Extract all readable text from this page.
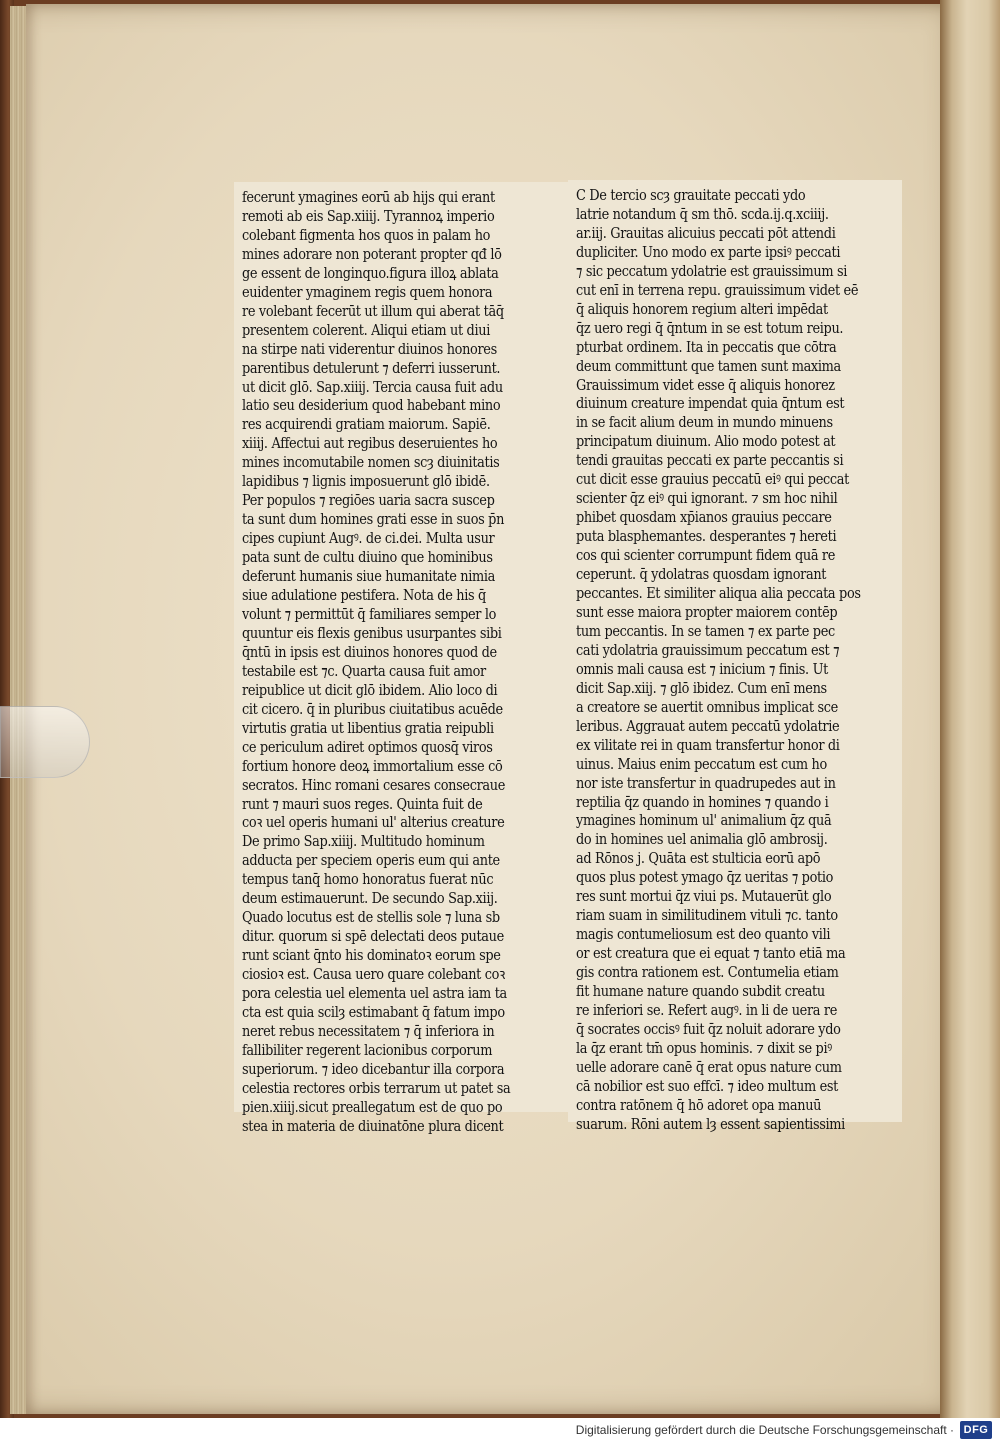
fecerunt ymagines eorū ab hijs qui erant
remoti ab eis Sap.xiiij. Tyrannoꝝ imperio
colebant figmenta hos quos in palam ho
mines adorare non poterant propter qđ lō
ge essent de longinquo.figura illoꝝ ablata
euidenter ymaginem regis quem honora
re volebant fecerūt ut illum qui aberat tāq̄
presentem colerent. Aliqui etiam ut diui
na stirpe nati viderentur diuinos honores
parentibus detulerunt ⁊ deferri iusserunt.
ut dicit glō. Sap.xiiij. Tercia causa fuit adu
latio seu desiderium quod habebant mino
res acquirendi gratiam maiorum. Sapiē.
xiiij. Affectui aut regibus deseruientes ho
mines incomutabile nomen scȝ diuinitatis
lapidibus ⁊ lignis imposuerunt glō ibidē.
Per populos ⁊ regiōes uaria sacra suscep
ta sunt dum homines grati esse in suos p̄n
cipes cupiunt Augꝰ. de ci.dei. Multa usur
pata sunt de cultu diuino que hominibus
deferunt humanis siue humanitate nimia
siue adulatione pestifera. Nota de his q̄
volunt ⁊ permittūt q̄ familiares semper lo
quuntur eis flexis genibus usurpantes sibi
q̄ntū in ipsis est diuinos honores quod de
testabile est ⁊c. Quarta causa fuit amor
reipublice ut dicit glō ibidem. Alio loco di
cit cicero. q̄ in pluribus ciuitatibus acuēde
virtutis gratia ut libentius gratia reipubli
ce periculum adiret optimos quosq̄ viros
fortium honore deoꝝ immortalium esse cō
secratos. Hinc romani cesares consecraue
runt ⁊ mauri suos reges. Quinta fuit de
coꝛ uel operis humani ul' alterius creature
De primo Sap.xiiij. Multitudo hominum
adducta per speciem operis eum qui ante
tempus tanq̄ homo honoratus fuerat nūc
deum estimauerunt. De secundo Sap.xiij.
Quado locutus est de stellis sole ⁊ luna sb
ditur. quorum si spē delectati deos putaue
runt sciant q̄nto his dominatoꝛ eorum spe
ciosioꝛ est. Causa uero quare colebant coꝛ
pora celestia uel elementa uel astra iam ta
cta est quia scilȝ estimabant q̄ fatum impo
neret rebus necessitatem ⁊ q̄ inferiora in
fallibiliter regerent lacionibus corporum
superiorum. ⁊ ideo dicebantur illa corpora
celestia rectores orbis terrarum ut patet sa
pien.xiiij.sicut preallegatum est de quo po
stea in materia de diuinatōne plura dicent
C De tercio scȝ grauitate peccati ydo
latrie notandum q̄ sm thō. scda.ij.q.xciiij.
ar.iij. Grauitas alicuius peccati pōt attendi
dupliciter. Uno modo ex parte ipsiꝰ peccati
⁊ sic peccatum ydolatrie est grauissimum si
cut enī in terrena repu. grauissimum videt eē
q̄ aliquis honorem regium alteri impēdat
q̄z uero regi q̄ q̄ntum in se est totum reipu.
pturbat ordinem. Ita in peccatis que cōtra
deum committunt que tamen sunt maxima
Grauissimum videt esse q̄ aliquis honorez
diuinum creature impendat quia q̄ntum est
in se facit alium deum in mundo minuens
principatum diuinum. Alio modo potest at
tendi grauitas peccati ex parte peccantis si
cut dicit esse grauius peccatū eiꝰ qui peccat
scienter q̄z eiꝰ qui ignorant. ⁊ sm hoc nihil
phibet quosdam xp̄ianos grauius peccare
puta blasphemantes. desperantes ⁊ hereti
cos qui scienter corrumpunt fidem quā re
ceperunt. q̄ ydolatras quosdam ignorant
peccantes. Et similiter aliqua alia peccata pos
sunt esse maiora propter maiorem contēp
tum peccantis. In se tamen ⁊ ex parte pec
cati ydolatria grauissimum peccatum est ⁊
omnis mali causa est ⁊ inicium ⁊ finis. Ut
dicit Sap.xiij. ⁊ glō ibidez. Cum enī mens
a creatore se auertit omnibus implicat sce
leribus. Aggrauat autem peccatū ydolatrie
ex vilitate rei in quam transfertur honor di
uinus. Maius enim peccatum est cum ho
nor iste transfertur in quadrupedes aut in
reptilia q̄z quando in homines ⁊ quando i
ymagines hominum ul' animalium q̄z quā
do in homines uel animalia glō ambrosij.
ad Rōnos j. Quāta est stulticia eorū apō
quos plus potest ymago q̄z ueritas ⁊ potio
res sunt mortui q̄z viui ps. Mutauerūt glo
riam suam in similitudinem vituli ⁊c. tanto
magis contumeliosum est deo quanto vili
or est creatura que ei equat ⁊ tanto etiā ma
gis contra rationem est. Contumelia etiam
fit humane nature quando subdit creatu
re inferiori se. Refert augꝰ. in li de uera re
q̄ socrates occisꝰ fuit q̄z noluit adorare ydo
la q̄z erant tm̄ opus hominis. ⁊ dixit se piꝰ
uelle adorare canē q̄ erat opus nature cum
cā nobilior est suo effcī. ⁊ ideo multum est
contra ratōnem q̄ hō adoret opa manuū
suarum. Rōni autem lȝ essent sapientissimi
Digitalisierung gefördert durch die Deutsche Forschungsgemeinschaft · DFG
